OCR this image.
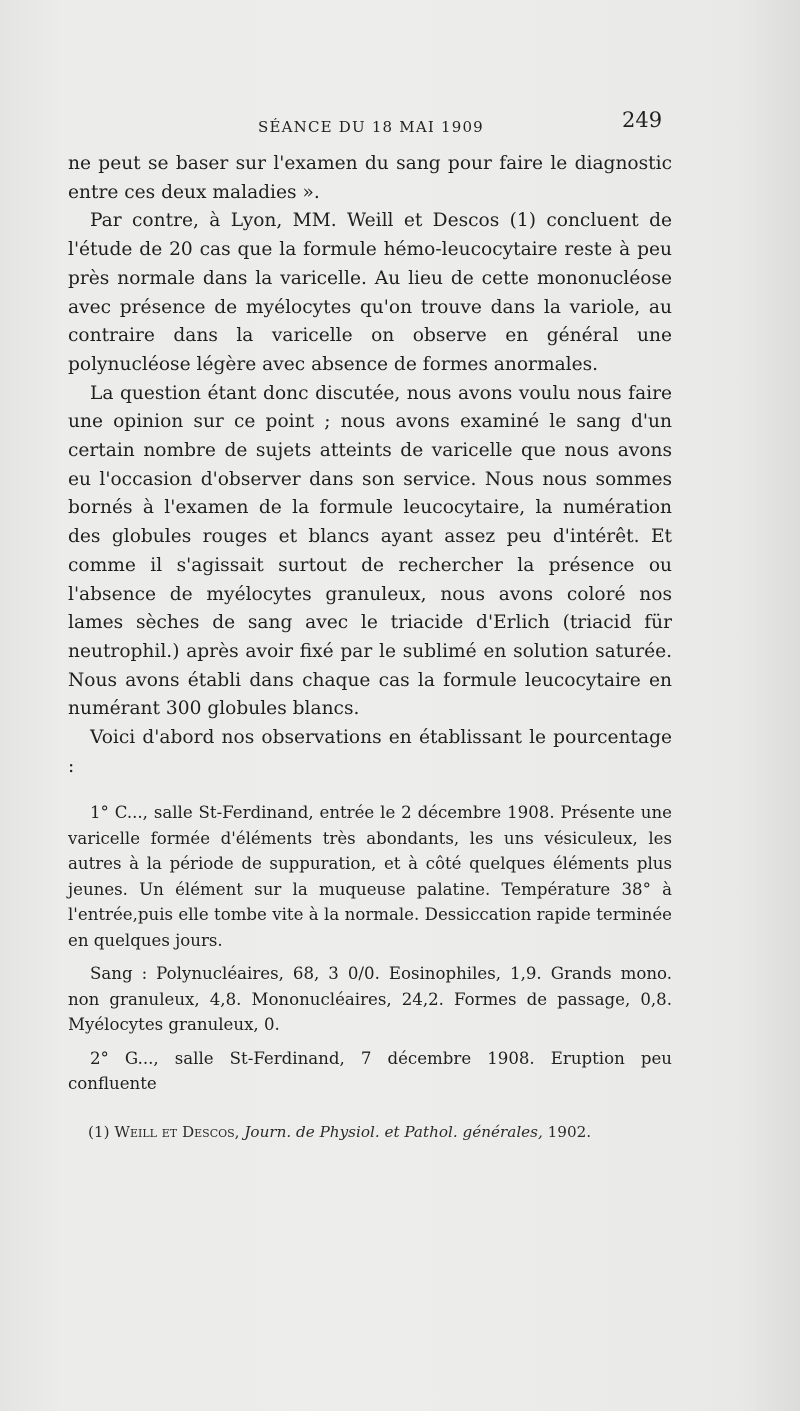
SÉANCE DU 18 MAI 1909	249

ne peut se baser sur l'examen du sang pour faire le diagnostic entre ces deux maladies ».

Par contre, à Lyon, MM. Weill et Descos (1) concluent de l'étude de 20 cas que la formule hémo-leucocytaire reste à peu près normale dans la varicelle. Au lieu de cette mononucléose avec présence de myélocytes qu'on trouve dans la variole, au contraire dans la varicelle on observe en général une polynucléose légère avec absence de formes anormales.

La question étant donc discutée, nous avons voulu nous faire une opinion sur ce point ; nous avons examiné le sang d'un certain nombre de sujets atteints de varicelle que nous avons eu l'occasion d'observer dans son service. Nous nous sommes bornés à l'examen de la formule leucocytaire, la numération des globules rouges et blancs ayant assez peu d'intérêt. Et comme il s'agissait surtout de rechercher la présence ou l'absence de myélocytes granuleux, nous avons coloré nos lames sèches de sang avec le triacide d'Erlich (triacid für neutrophil.) après avoir fixé par le sublimé en solution saturée. Nous avons établi dans chaque cas la formule leucocytaire en numérant 300 globules blancs.

Voici d'abord nos observations en établissant le pourcentage :

1° C..., salle St-Ferdinand, entrée le 2 décembre 1908. Présente une varicelle formée d'éléments très abondants, les uns vésiculeux, les autres à la période de suppuration, et à côté quelques éléments plus jeunes. Un élément sur la muqueuse palatine. Température 38° à l'entrée,puis elle tombe vite à la normale. Dessiccation rapide terminée en quelques jours.

Sang : Polynucléaires, 68, 3 0/0. Eosinophiles, 1,9. Grands mono. non granuleux, 4,8. Mononucléaires, 24,2. Formes de passage, 0,8. Myélocytes granuleux, 0.

2° G..., salle St-Ferdinand, 7 décembre 1908. Eruption peu confluente

(1) Weill et Descos, Journ. de Physiol. et Pathol. générales, 1902.
